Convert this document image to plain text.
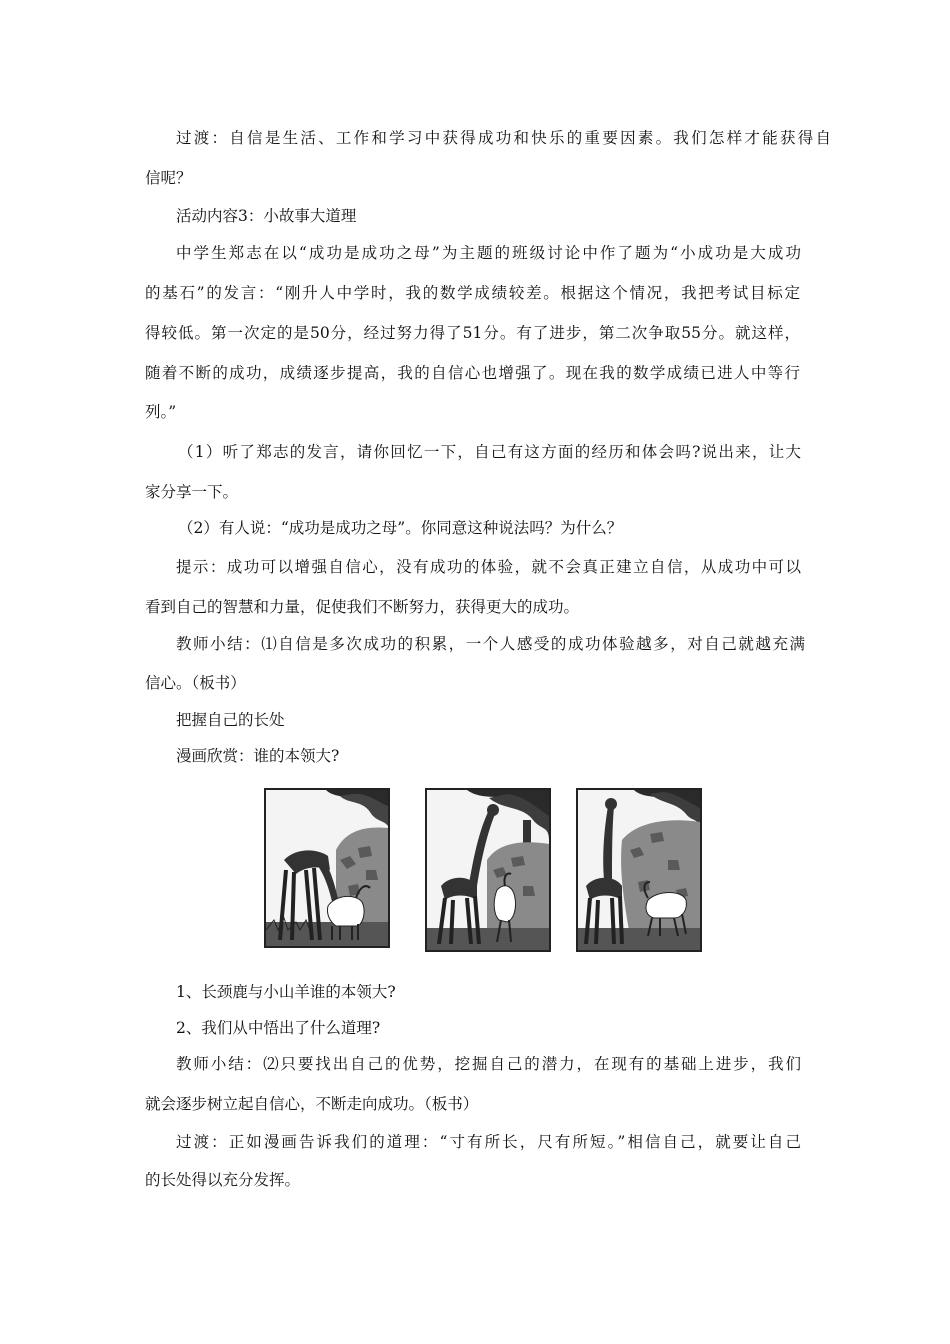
过渡：自信是生活、工作和学习中获得成功和快乐的重要因素。我们怎样才能获得自
信呢？
活动内容3：小故事大道理
中学生郑志在以“成功是成功之母”为主题的班级讨论中作了题为“小成功是大成功
的基石”的发言：“刚升人中学时，我的数学成绩较差。根据这个情况，我把考试目标定
得较低。第一次定的是50分，经过努力得了51分。有了进步，第二次争取55分。就这样，
随着不断的成功，成绩逐步提高，我的自信心也增强了。现在我的数学成绩已进人中等行
列。”
（1）听了郑志的发言，请你回忆一下，自己有这方面的经历和体会吗?说出来，让大
家分享一下。
（2）有人说：“成功是成功之母”。你同意这种说法吗？为什么？
提示：成功可以增强自信心，没有成功的体验，就不会真正建立自信，从成功中可以
看到自己的智慧和力量，促使我们不断努力，获得更大的成功。
教师小结：⑴自信是多次成功的积累，一个人感受的成功体验越多，对自己就越充满
信心。（板书）
把握自己的长处
漫画欣赏：谁的本领大?
1、长颈鹿与小山羊谁的本领大?
2、我们从中悟出了什么道理?
教师小结：⑵只要找出自己的优势，挖掘自己的潜力，在现有的基础上进步，我们
就会逐步树立起自信心，不断走向成功。（板书）
过渡：正如漫画告诉我们的道理：“寸有所长，尺有所短。”相信自己，就要让自己
的长处得以充分发挥。
